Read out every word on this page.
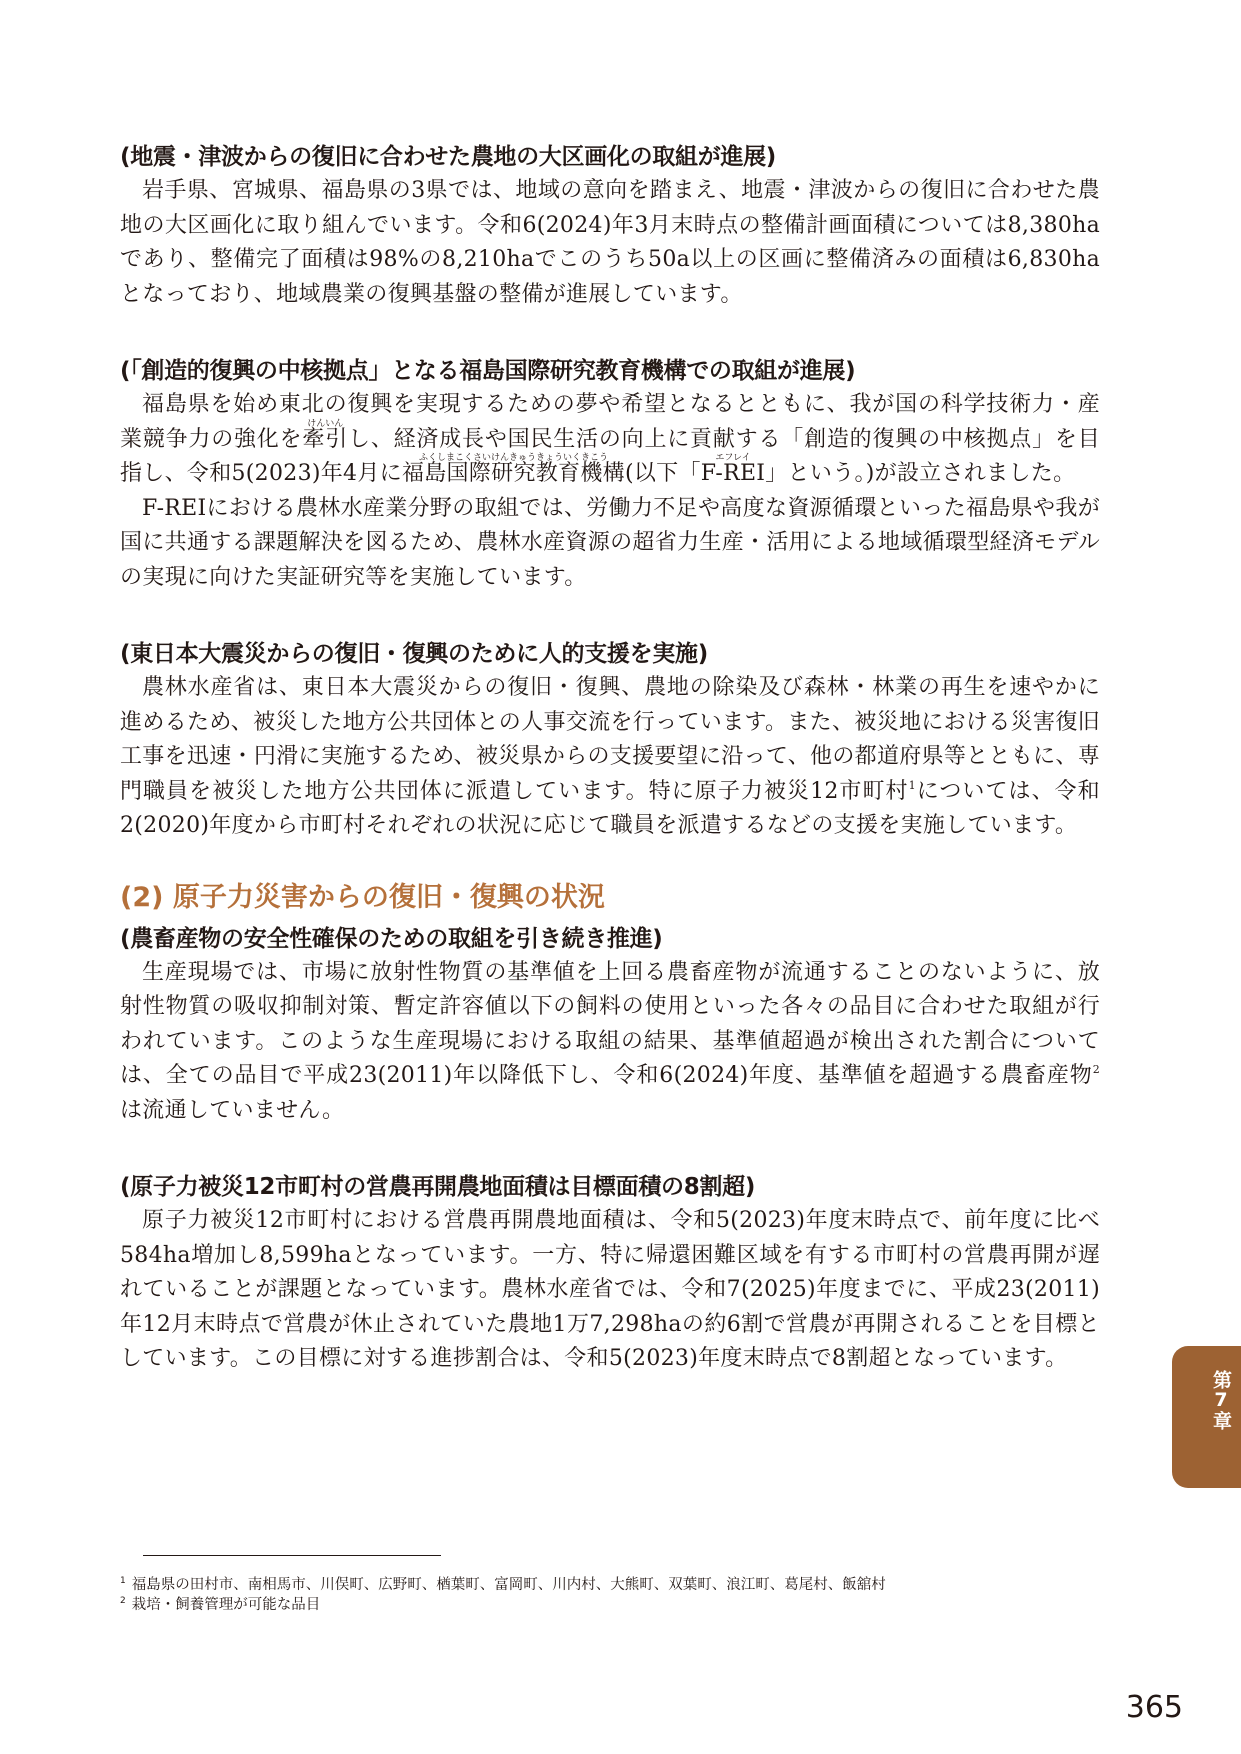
(地震・津波からの復旧に合わせた農地の大区画化の取組が進展)

岩手県、宮城県、福島県の3県では、地域の意向を踏まえ、地震・津波からの復旧に合わせた農地の大区画化に取り組んでいます。令和6(2024)年3月末時点の整備計画面積については8,380haであり、整備完了面積は98%の8,210haでこのうち50a以上の区画に整備済みの面積は6,830haとなっており、地域農業の復興基盤の整備が進展しています。

(「創造的復興の中核拠点」となる福島国際研究教育機構での取組が進展)

福島県を始め東北の復興を実現するための夢や希望となるとともに、我が国の科学技術力・産業競争力の強化を
けんいん
牽引し、経済成長や国民生活の向上に貢献する「創造的復興の中核拠点」を目指し、令和5(2023)年4月に
ふくしまこくさいけんきゅうきょういくきこう
福島国際研究教育機構(以下「
エフレイ
F-REI」という。)が設立されました。

F-REIにおける農林水産業分野の取組では、労働力不足や高度な資源循環といった福島県や我が国に共通する課題解決を図るため、農林水産資源の超省力生産・活用による地域循環型経済モデルの実現に向けた実証研究等を実施しています。

(東日本大震災からの復旧・復興のために人的支援を実施)

農林水産省は、東日本大震災からの復旧・復興、農地の除染及び森林・林業の再生を速やかに進めるため、被災した地方公共団体との人事交流を行っています。また、被災地における災害復旧工事を迅速・円滑に実施するため、被災県からの支援要望に沿って、他の都道府県等とともに、専門職員を被災した地方公共団体に派遣しています。特に原子力被災12市町村$^1$については、令和2(2020)年度から市町村それぞれの状況に応じて職員を派遣するなどの支援を実施しています。

(2) 原子力災害からの復旧・復興の状況

(農畜産物の安全性確保のための取組を引き続き推進)

生産現場では、市場に放射性物質の基準値を上回る農畜産物が流通することのないように、放射性物質の吸収抑制対策、暫定許容値以下の飼料の使用といった各々の品目に合わせた取組が行われています。このような生産現場における取組の結果、基準値超過が検出された割合については、全ての品目で平成23(2011)年以降低下し、令和6(2024)年度、基準値を超過する農畜産物$^2$は流通していません。

(原子力被災12市町村の営農再開農地面積は目標面積の8割超)

原子力被災12市町村における営農再開農地面積は、令和5(2023)年度末時点で、前年度に比べ584ha増加し8,599haとなっています。一方、特に帰還困難区域を有する市町村の営農再開が遅れていることが課題となっています。農林水産省では、令和7(2025)年度までに、平成23(2011)年12月末時点で営農が休止されていた農地1万7,298haの約6割で営農が再開されることを目標としています。この目標に対する進捗割合は、令和5(2023)年度末時点で8割超となっています。

$^1$ 福島県の田村市、南相馬市、川俣町、広野町、楢葉町、富岡町、川内村、大熊町、双葉町、浪江町、葛尾村、飯舘村
$^2$ 栽培・飼養管理が可能な品目
第7章
365
